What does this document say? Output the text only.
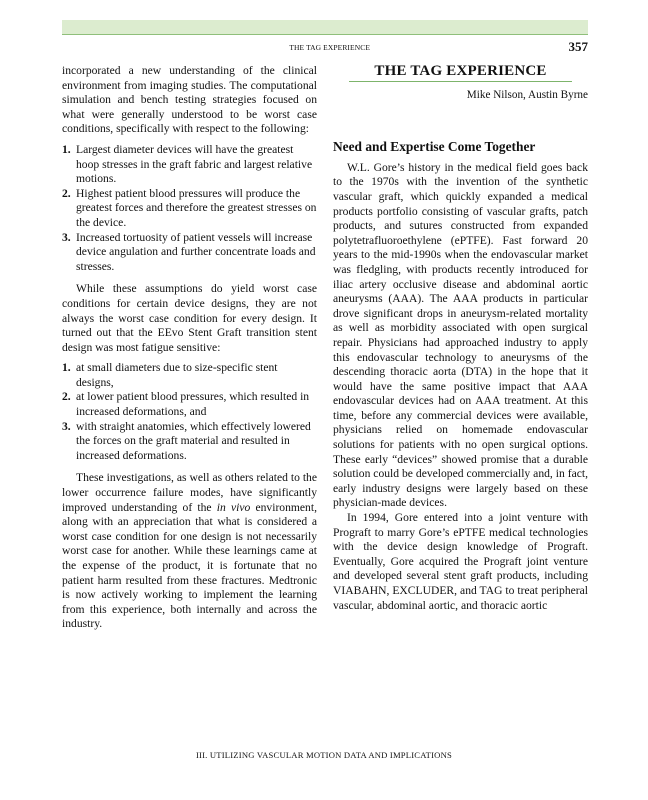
THE TAG EXPERIENCE	357

incorporated a new understanding of the clinical environment from imaging studies. The computational simulation and bench testing strategies focused on what were generally understood to be worst case conditions, specifically with respect to the following:

1. Largest diameter devices will have the greatest hoop stresses in the graft fabric and largest relative motions.
2. Highest patient blood pressures will produce the greatest forces and therefore the greatest stresses on the device.
3. Increased tortuosity of patient vessels will increase device angulation and further concentrate loads and stresses.

While these assumptions do yield worst case conditions for certain device designs, they are not always the worst case condition for every design. It turned out that the EEvo Stent Graft transition stent design was most fatigue sensitive:

1. at small diameters due to size-specific stent designs,
2. at lower patient blood pressures, which resulted in increased deformations, and
3. with straight anatomies, which effectively lowered the forces on the graft material and resulted in increased deformations.

These investigations, as well as others related to the lower occurrence failure modes, have significantly improved understanding of the in vivo environment, along with an appreciation that what is considered a worst case condition for one design is not necessarily worst case for another. While these learnings came at the expense of the product, it is fortunate that no patient harm resulted from these fractures. Medtronic is now actively working to implement the learning from this experience, both internally and across the industry.

THE TAG EXPERIENCE
Mike Nilson, Austin Byrne
Need and Expertise Come Together

W.L. Gore’s history in the medical field goes back to the 1970s with the invention of the synthetic vascular graft, which quickly expanded a medical products portfolio consisting of vascular grafts, patch products, and sutures constructed from expanded polytetrafluoroethylene (ePTFE). Fast forward 20 years to the mid-1990s when the endovascular market was fledgling, with products recently introduced for iliac artery occlusive disease and abdominal aortic aneurysms (AAA). The AAA products in particular drove significant drops in aneurysm-related mortality as well as morbidity associated with open surgical repair. Physicians had approached industry to apply this endovascular technology to aneurysms of the descending thoracic aorta (DTA) in the hope that it would have the same positive impact that AAA endovascular devices had on AAA treatment. At this time, before any commercial devices were available, physicians relied on homemade endovascular solutions for patients with no open surgical options. These early “devices” showed promise that a durable solution could be developed commercially and, in fact, early industry designs were largely based on these physician-made devices.

In 1994, Gore entered into a joint venture with Prograft to marry Gore’s ePTFE medical technologies with the device design knowledge of Prograft. Eventually, Gore acquired the Prograft joint venture and developed several stent graft products, including VIABAHN, EXCLUDER, and TAG to treat peripheral vascular, abdominal aortic, and thoracic aortic

III. UTILIZING VASCULAR MOTION DATA AND IMPLICATIONS
